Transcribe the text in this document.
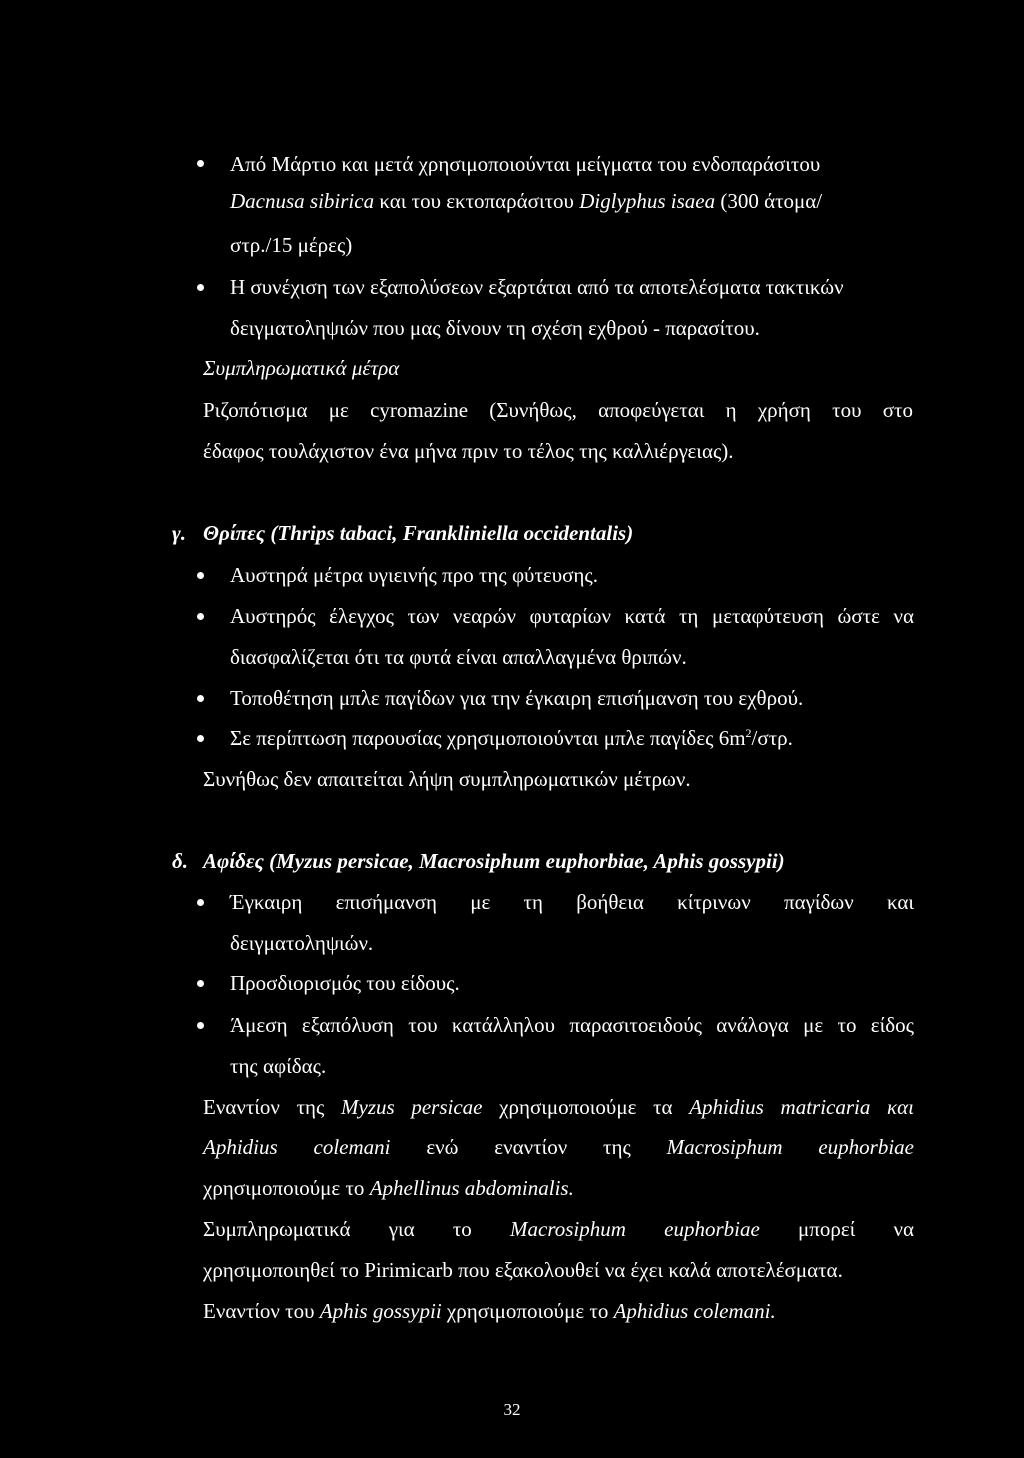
Από Μάρτιο και μετά χρησιμοποιούνται μείγματα του ενδοπαράσιτου
Dacnusa sibirica και του εκτοπαράσιτου Diglyphus isaea (300 άτομα/
στρ./15 μέρες)
Η συνέχιση των εξαπολύσεων εξαρτάται από τα αποτελέσματα τακτικών
δειγματοληψιών που μας δίνουν τη σχέση εχθρού - παρασίτου.
Συμπληρωματικά μέτρα
Ριζοπότισμα με cyromazine (Συνήθως, αποφεύγεται η χρήση του στο
έδαφος τουλάχιστον ένα μήνα πριν το τέλος της καλλιέργειας).
γ. Θρίπες (Thrips tabaci, Frankliniella occidentalis)
Αυστηρά μέτρα υγιεινής προ της φύτευσης.
Αυστηρός έλεγχος των νεαρών φυταρίων κατά τη μεταφύτευση ώστε να
διασφαλίζεται ότι τα φυτά είναι απαλλαγμένα θριπών.
Τοποθέτηση μπλε παγίδων για την έγκαιρη επισήμανση του εχθρού.
Σε περίπτωση παρουσίας χρησιμοποιούνται μπλε παγίδες $6m^2$/στρ.
Συνήθως δεν απαιτείται λήψη συμπληρωματικών μέτρων.
δ. Αφίδες (Myzus persicae, Macrosiphum euphorbiae, Aphis gossypii)
Έγκαιρη επισήμανση με τη βοήθεια κίτρινων παγίδων και
δειγματοληψιών.
Προσδιορισμός του είδους.
Άμεση εξαπόλυση του κατάλληλου παρασιτοειδούς ανάλογα με το είδος
της αφίδας.
Εναντίον της Myzus persicae χρησιμοποιούμε τα Aphidius matricaria και
Aphidius colemani ενώ εναντίον της Macrosiphum euphorbiae
χρησιμοποιούμε το Aphellinus abdominalis.
Συμπληρωματικά για το Macrosiphum euphorbiae μπορεί να
χρησιμοποιηθεί το Pirimicarb που εξακολουθεί να έχει καλά αποτελέσματα.
Εναντίον του Aphis gossypii χρησιμοποιούμε το Aphidius colemani.
32
